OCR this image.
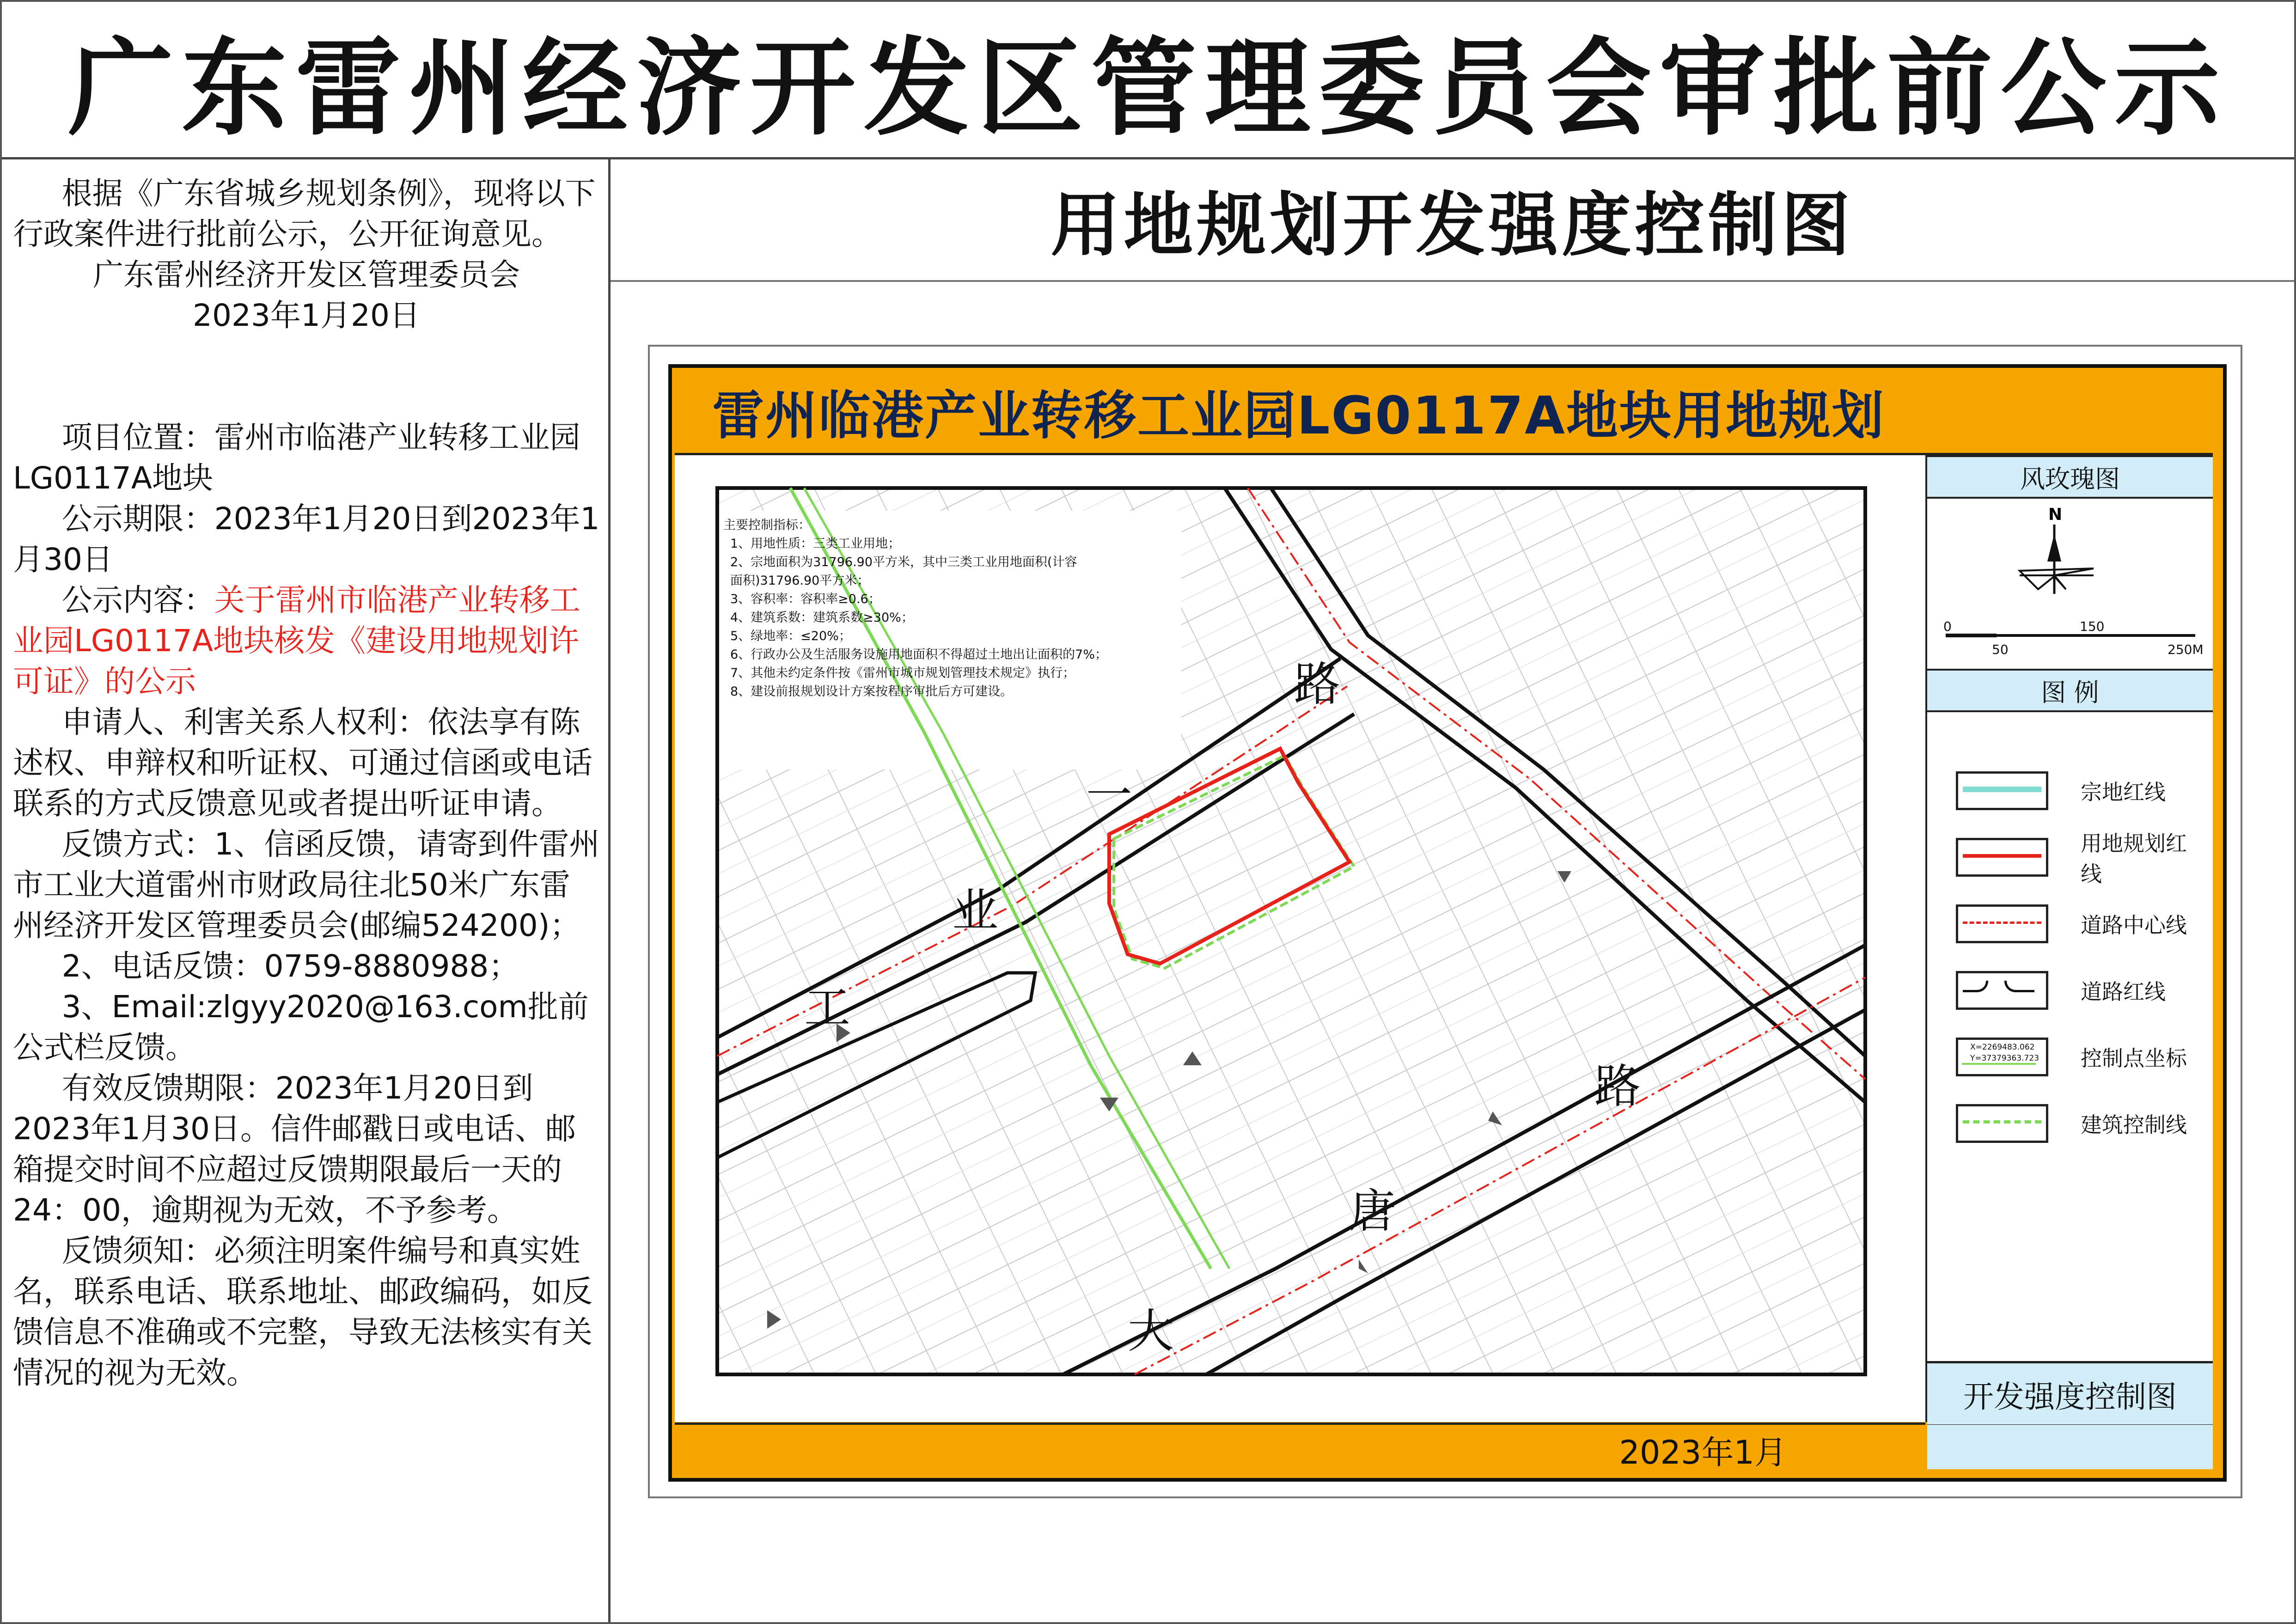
广东雷州经济开发区管理委员会审批前公示

根据《广东省城乡规划条例》，现将以下行政案件进行批前公示，公开征询意见。

广东雷州经济开发区管理委员会

2023年1月20日

项目位置：雷州市临港产业转移工业园LG0117A地块

公示期限：2023年1月20日到2023年1月30日

公示内容：关于雷州市临港产业转移工业园LG0117A地块核发《建设用地规划许可证》的公示

申请人、利害关系人权利：依法享有陈述权、申辩权和听证权、可通过信函或电话联系的方式反馈意见或者提出听证申请。

反馈方式：1、信函反馈，请寄到件雷州市工业大道雷州市财政局往北50米广东雷州经济开发区管理委员会(邮编524200)；

2、电话反馈：0759-8880988；

3、Email:zlgyy2020@163.com批前公式栏反馈。

有效反馈期限：2023年1月20日到2023年1月30日。信件邮戳日或电话、邮箱提交时间不应超过反馈期限最后一天的24：00，逾期视为无效，不予参考。

反馈须知：必须注明案件编号和真实姓名，联系电话、联系地址、邮政编码，如反馈信息不准确或不完整，导致无法核实有关情况的视为无效。

用地规划开发强度控制图
雷州临港产业转移工业园LG0117A地块用地规划
路
一
业
工
路
唐
大
主要控制指标：
1、用地性质：三类工业用地；
2、宗地面积为31796.90平方米，其中三类工业用地面积(计容
面积)31796.90平方米；
3、容积率：容积率≥0.6；
4、建筑系数：建筑系数≥30%；
5、绿地率：≤20%；
6、行政办公及生活服务设施用地面积不得超过土地出让面积的7%；
7、其他未约定条件按《雷州市城市规划管理技术规定》执行；
8、建设前报规划设计方案按程序审批后方可建设。
2023年1月
风玫瑰图
N
0	150
50	250M
图 例
宗地红线
用地规划红线
道路中心线
道路红线
X=2269483.062
Y=37379363.723 控制点坐标
建筑控制线
开发强度控制图
